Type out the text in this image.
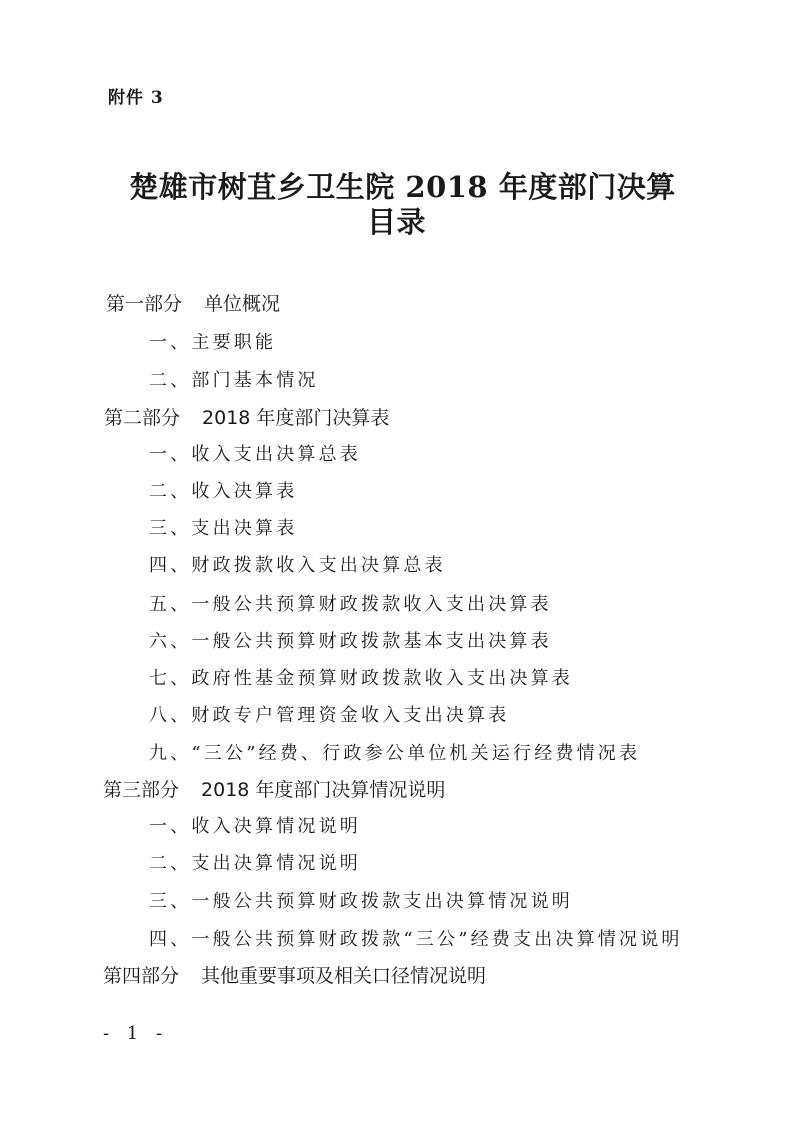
附件 3
楚雄市树苴乡卫生院 2018 年度部门决算
目录
第一部分 单位概况
一、主要职能
二、部门基本情况
第二部分 2018 年度部门决算表
一、收入支出决算总表
二、收入决算表
三、支出决算表
四、财政拨款收入支出决算总表
五、一般公共预算财政拨款收入支出决算表
六、一般公共预算财政拨款基本支出决算表
七、政府性基金预算财政拨款收入支出决算表
八、财政专户管理资金收入支出决算表
九、“三公”经费、行政参公单位机关运行经费情况表
第三部分 2018 年度部门决算情况说明
一、收入决算情况说明
二、支出决算情况说明
三、一般公共预算财政拨款支出决算情况说明
四、一般公共预算财政拨款“三公”经费支出决算情况说明
第四部分 其他重要事项及相关口径情况说明
- 1 -
